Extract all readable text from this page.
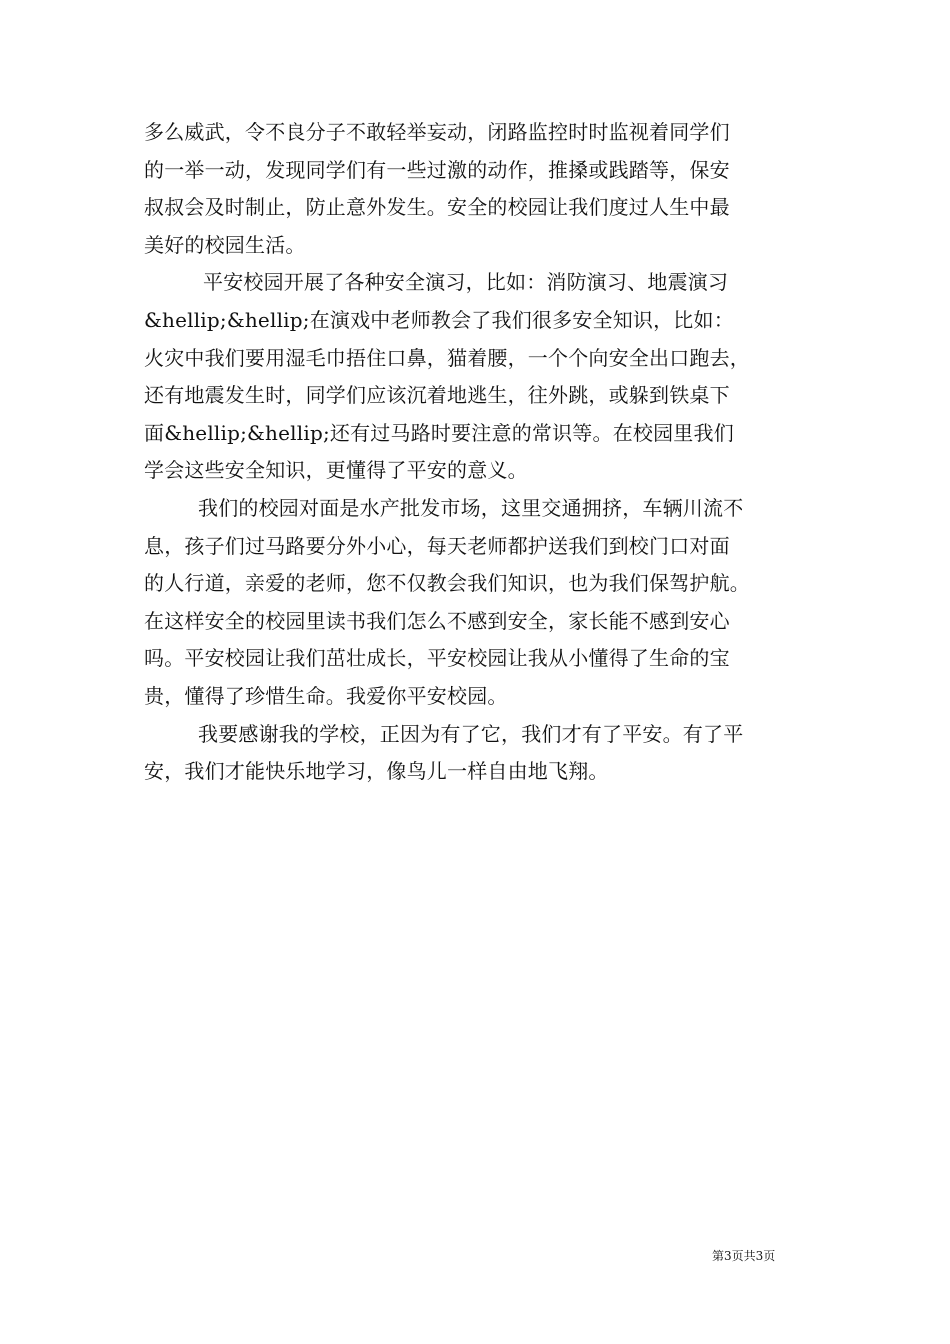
多么威武，令不良分子不敢轻举妄动，闭路监控时时监视着同学们
的一举一动，发现同学们有一些过激的动作，推搡或践踏等，保安
叔叔会及时制止，防止意外发生。安全的校园让我们度过人生中最
美好的校园生活。

平安校园开展了各种安全演习，比如：消防演习、地震演习
&hellip;&hellip;在演戏中老师教会了我们很多安全知识，比如：
火灾中我们要用湿毛巾捂住口鼻，猫着腰，一个个向安全出口跑去，
还有地震发生时，同学们应该沉着地逃生，往外跳，或躲到铁桌下
面&hellip;&hellip;还有过马路时要注意的常识等。在校园里我们
学会这些安全知识，更懂得了平安的意义。

我们的校园对面是水产批发市场，这里交通拥挤，车辆川流不
息，孩子们过马路要分外小心，每天老师都护送我们到校门口对面
的人行道，亲爱的老师，您不仅教会我们知识，也为我们保驾护航。
在这样安全的校园里读书我们怎么不感到安全，家长能不感到安心
吗。平安校园让我们茁壮成长，平安校园让我从小懂得了生命的宝
贵，懂得了珍惜生命。我爱你平安校园。

我要感谢我的学校，正因为有了它，我们才有了平安。有了平
安，我们才能快乐地学习，像鸟儿一样自由地飞翔。

第3页共3页
